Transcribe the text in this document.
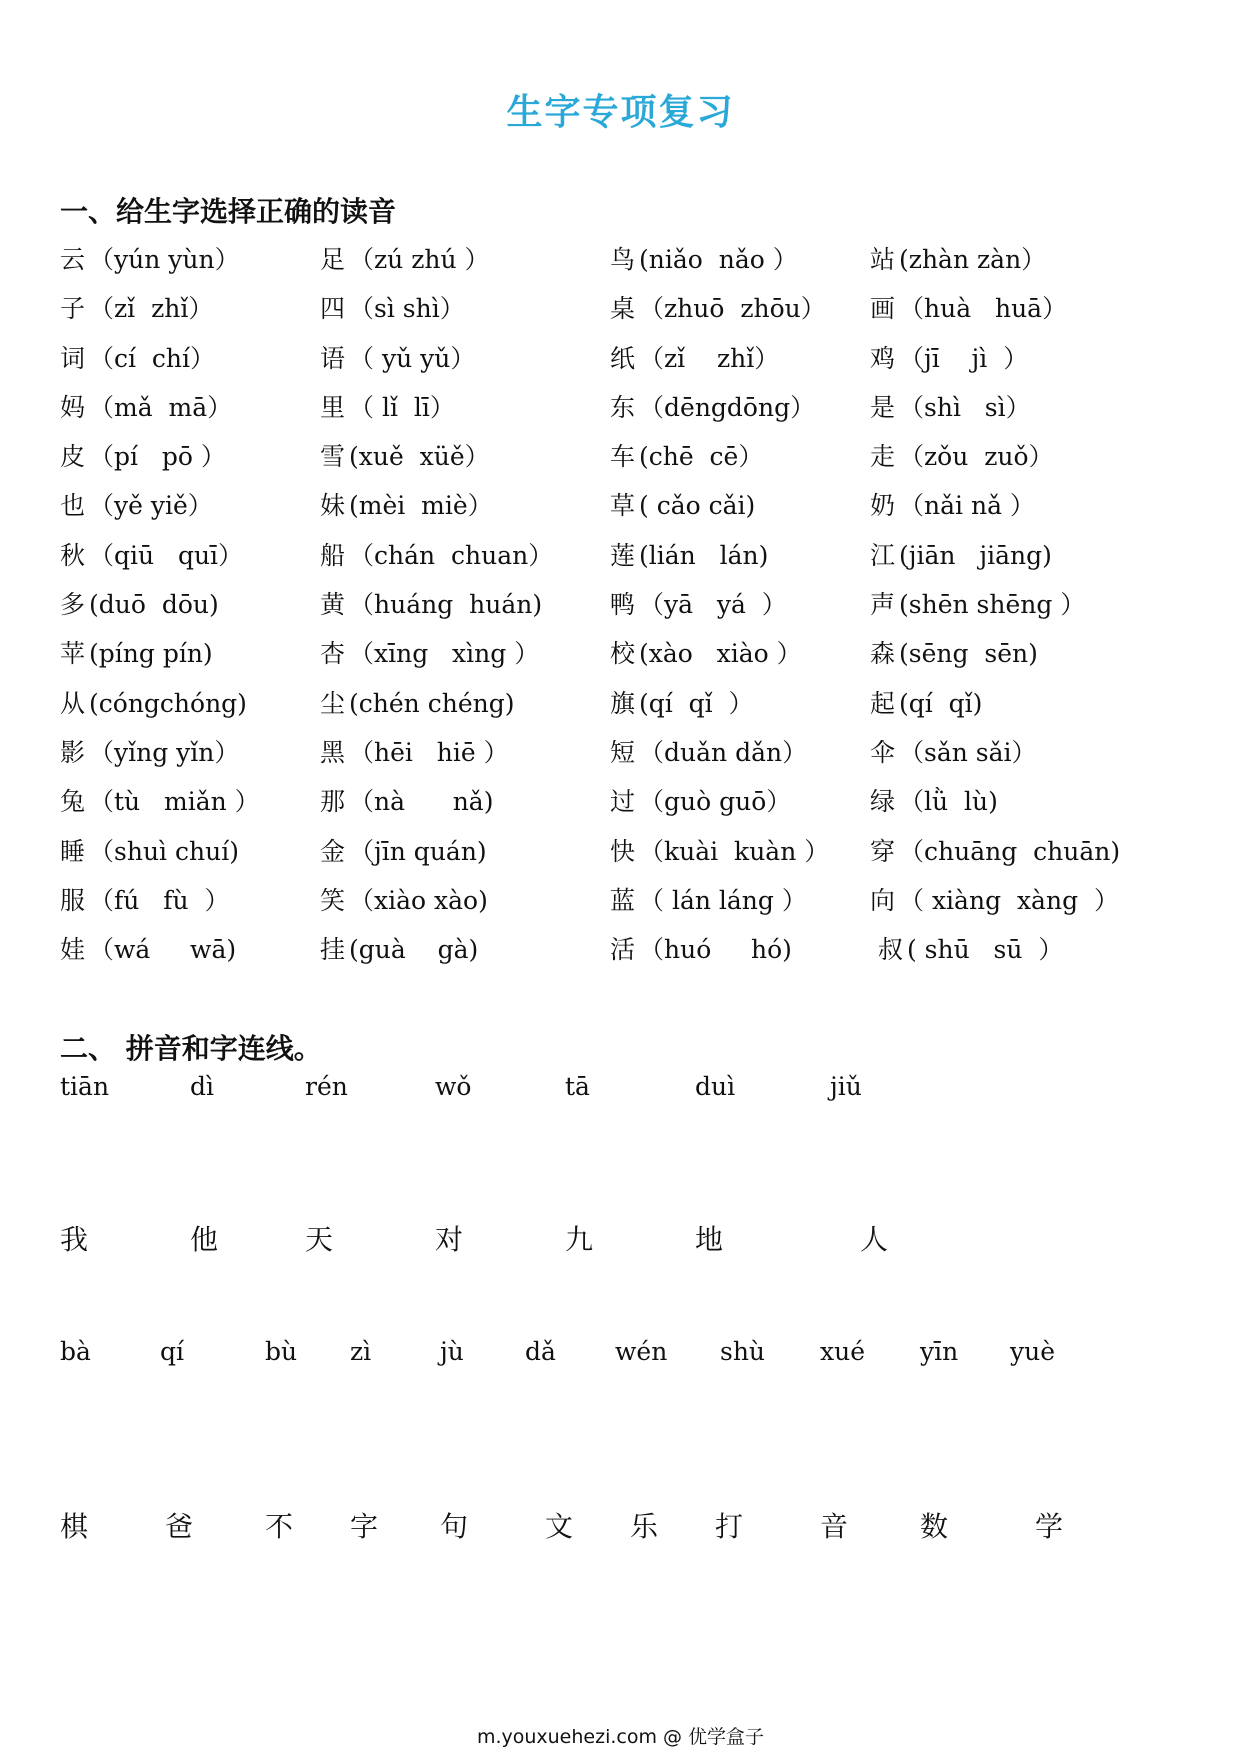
生字专项复习
一、给生字选择正确的读音
云 （yún yùn）	足 （zú zhú ）	鸟 (niǎo  nǎo ）	站 (zhàn zàn）
子 （zǐ  zhǐ）	四 （sì shì）	桌 （zhuō  zhōu） 画 （huà   huā）
词 （cí  chí）	语 （ yǔ yǔ）	纸 （zǐ    zhǐ）	鸡 （jī    jì  ）
妈 （mǎ  mā）	里 （ lǐ  lī）	东 （dēngdōng） 是 （shì   sì）
皮 （pí   pō ）	雪 (xuě  xüě）	车 (chē  cē）	走 （zǒu  zuǒ）
也 （yě yiě）	妹 (mèi  miè）	草 ( cǎo cǎi)	奶 （nǎi nǎ ）
秋 （qiū   quī）	船 （chán  chuan） 莲 (lián   lán)	江 (jiān   jiāng)
多 (duō  dōu)	黄 （huáng  huán)	鸭 （yā   yá  ）	声 (shēn shēng ）
苹 (píng pín)	杏 （xīng   xìng ）	校 (xào   xiào ）	森 (sēng  sēn)
从 (cóngchóng)	尘 (chén chéng)	旗 (qí  qǐ  ）	起 (qí  qǐ)
影 （yǐng yǐn）	黑 （hēi   hiē ）	短 （duǎn dǎn）	伞 （sǎn sǎi）
兔 （tù   miǎn ） 那 （nà      nǎ)	过 （guò guō）	绿 （lǜ  lù)
睡 （shuì chuí)	金 （jīn quán)	快 （kuài  kuàn ） 穿 （chuāng  chuān)
服 （fú   fù  ）	笑 （xiào xào)	蓝 （ lán láng ）	向 （ xiàng  xàng  ）
娃 （wá     wā)	挂 (guà    gà)	活 （huó     hó)	叔 ( shū   sū  ）
二、 拼音和字连线。
tiān	dì	rén	wǒ	tā	duì	jiǔ
我	他	天	对	九	地	人
bà	qí	bù zì	jù dǎ wén shù xué yīn yuè
棋	爸	不 字 句	文 乐 打	音	数	学
m.youxuehezi.com @ 优学盒子
